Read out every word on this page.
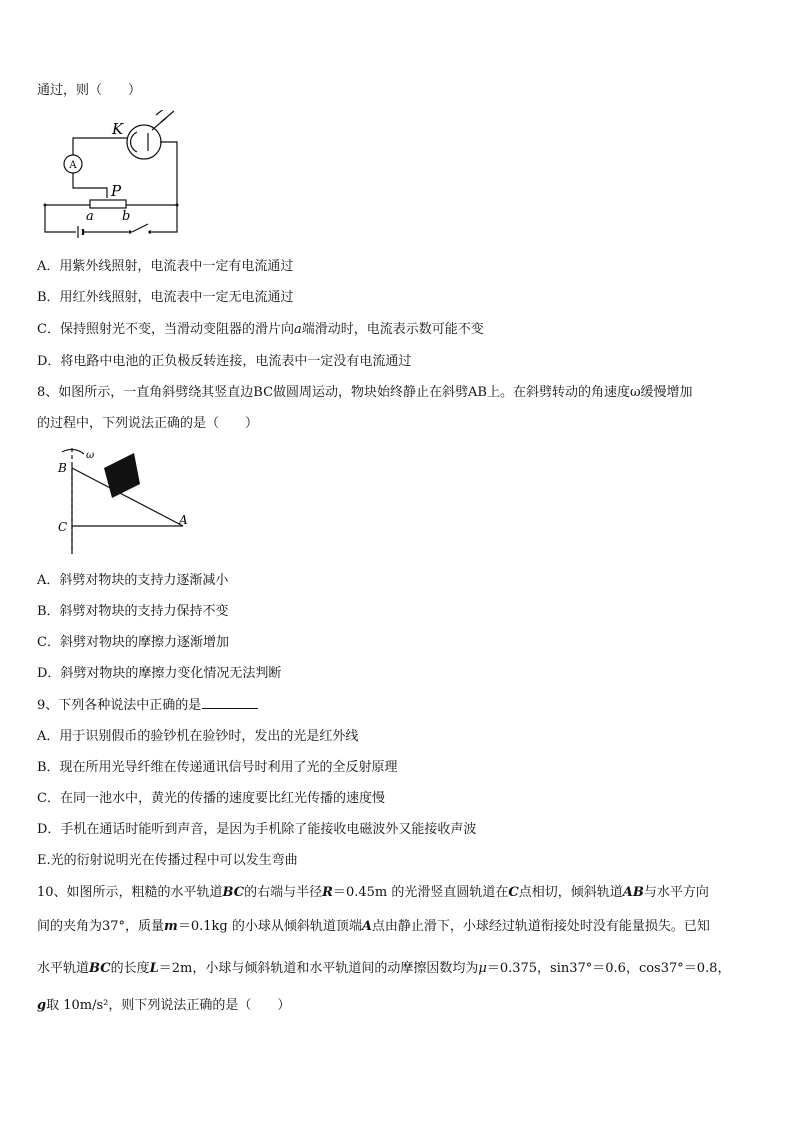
通过，则（　　）
A
K
P
a b
A．用紫外线照射，电流表中一定有电流通过
B．用红外线照射，电流表中一定无电流通过
C．保持照射光不变，当滑动变阻器的滑片向a端滑动时，电流表示数可能不变
D．将电路中电池的正负极反转连接，电流表中一定没有电流通过
8、如图所示，一直角斜劈绕其竖直边BC做圆周运动，物块始终静止在斜劈AB上。在斜劈转动的角速度ω缓慢增加
的过程中，下列说法正确的是（　　）
ω
B
C	A
A．斜劈对物块的支持力逐渐减小
B．斜劈对物块的支持力保持不变
C．斜劈对物块的摩擦力逐渐增加
D．斜劈对物块的摩擦力变化情况无法判断
9、下列各种说法中正确的是
A．用于识别假币的验钞机在验钞时，发出的光是红外线
B．现在所用光导纤维在传递通讯信号时利用了光的全反射原理
C．在同一池水中，黄光的传播的速度要比红光传播的速度慢
D．手机在通话时能听到声音，是因为手机除了能接收电磁波外又能接收声波
E.光的衍射说明光在传播过程中可以发生弯曲
10、如图所示，粗糙的水平轨道BC的右端与半径R＝0.45m 的光滑竖直圆轨道在C点相切，倾斜轨道AB与水平方向
间的夹角为37°，质量m＝0.1kg 的小球从倾斜轨道顶端A点由静止滑下，小球经过轨道衔接处时没有能量损失。已知
水平轨道BC的长度L＝2m，小球与倾斜轨道和水平轨道间的动摩擦因数均为μ＝0.375，sin37°＝0.6，cos37°＝0.8，
g取 10m/s²，则下列说法正确的是（　　）
